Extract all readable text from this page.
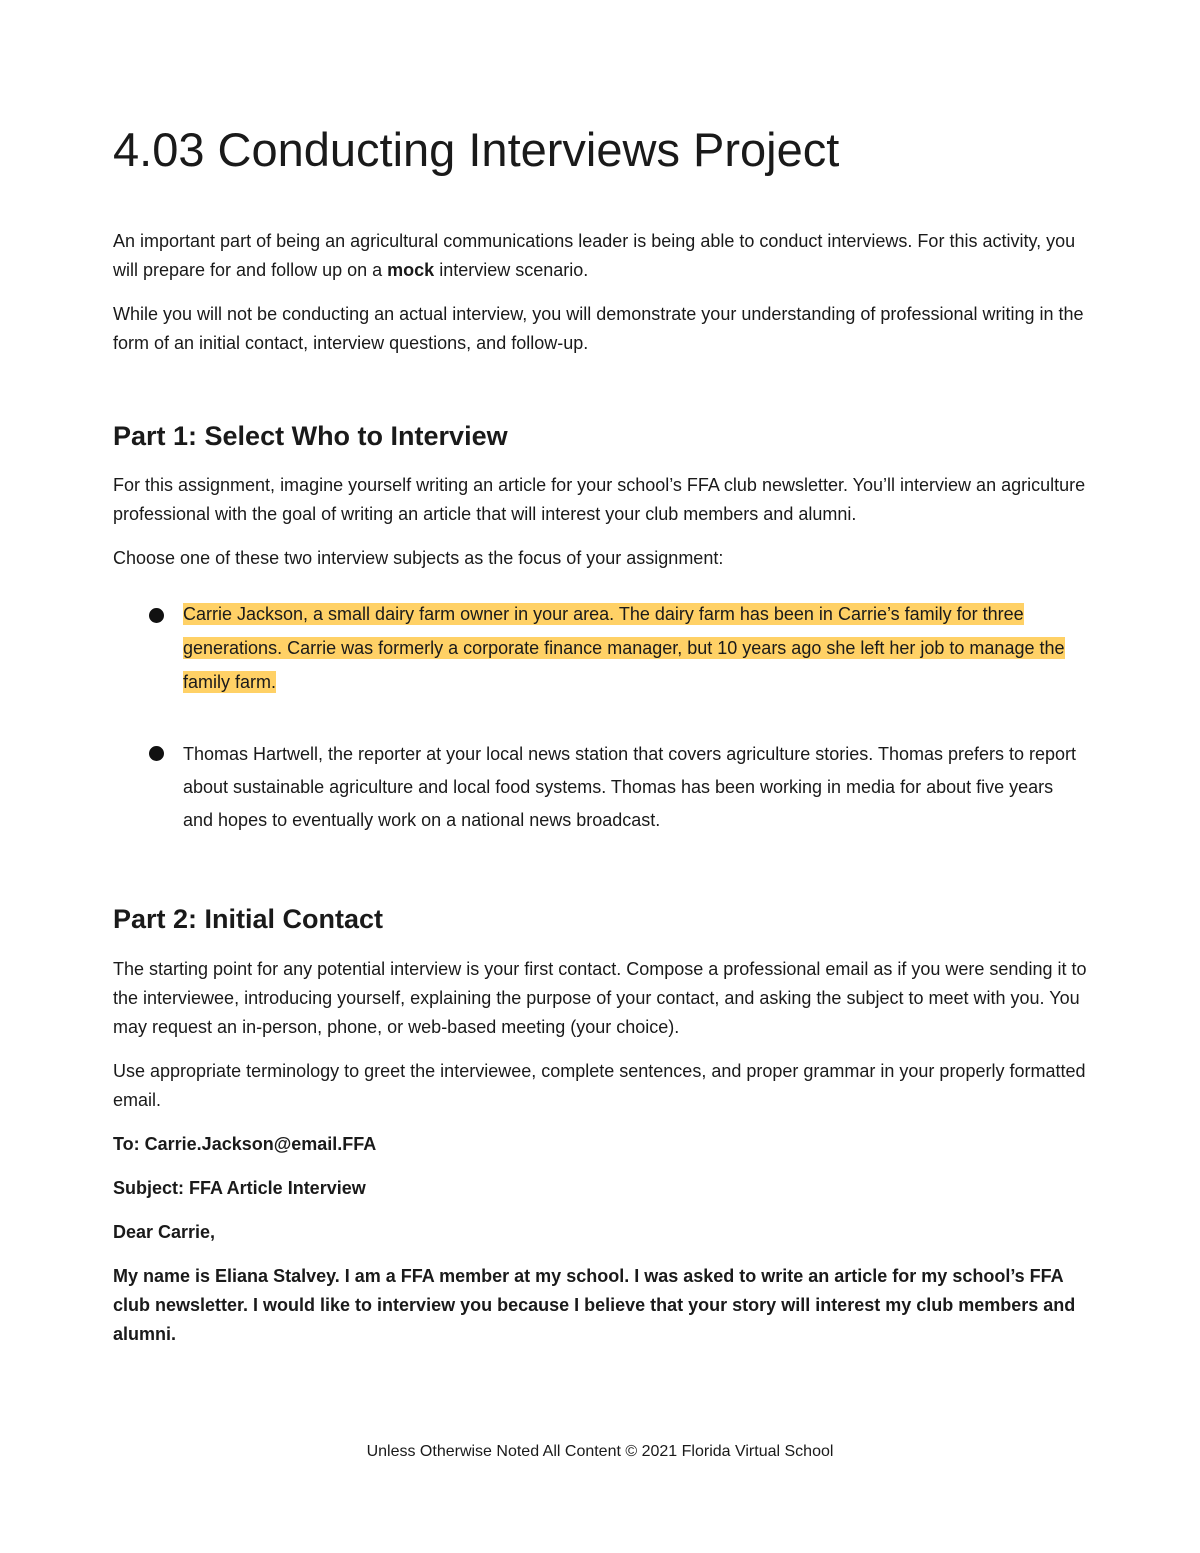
4.03 Conducting Interviews Project

An important part of being an agricultural communications leader is being able to conduct interviews. For this activity, you will prepare for and follow up on a mock interview scenario.

While you will not be conducting an actual interview, you will demonstrate your understanding of professional writing in the form of an initial contact, interview questions, and follow-up.

Part 1: Select Who to Interview

For this assignment, imagine yourself writing an article for your school’s FFA club newsletter. You’ll interview an agriculture professional with the goal of writing an article that will interest your club members and alumni.

Choose one of these two interview subjects as the focus of your assignment:

Carrie Jackson, a small dairy farm owner in your area. The dairy farm has been in Carrie’s family for three generations. Carrie was formerly a corporate finance manager, but 10 years ago she left her job to manage the family farm.
Thomas Hartwell, the reporter at your local news station that covers agriculture stories. Thomas prefers to report about sustainable agriculture and local food systems. Thomas has been working in media for about five years and hopes to eventually work on a national news broadcast.
Part 2: Initial Contact

The starting point for any potential interview is your first contact. Compose a professional email as if you were sending it to the interviewee, introducing yourself, explaining the purpose of your contact, and asking the subject to meet with you. You may request an in-person, phone, or web-based meeting (your choice).

Use appropriate terminology to greet the interviewee, complete sentences, and proper grammar in your properly formatted email.

To: Carrie.Jackson@email.FFA

Subject: FFA Article Interview

Dear Carrie,

My name is Eliana Stalvey. I am a FFA member at my school. I was asked to write an article for my school’s FFA club newsletter. I would like to interview you because I believe that your story will interest my club members and alumni.

Unless Otherwise Noted All Content © 2021 Florida Virtual School
